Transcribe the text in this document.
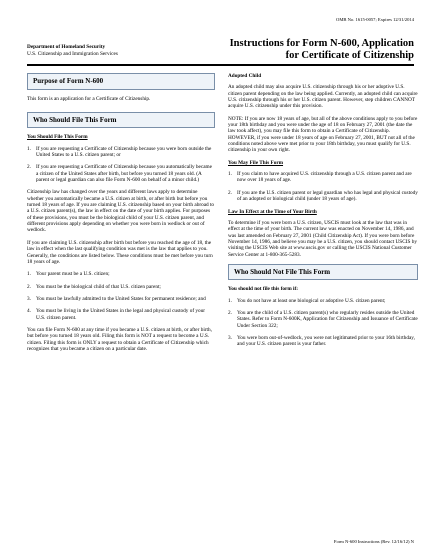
OMB No. 1615-0057; Expires 12/31/2014
Department of Homeland Security
U.S. Citizenship and Immigration Services
Instructions for Form N-600, Application
for Certificate of Citizenship
Purpose of Form N-600

This form is an application for a Certificate of Citizenship.

Who Should File This Form
You Should File This Form
1. If you are requesting a Certificate of Citizenship because you were born outside the United States to a U.S. citizen parent; or
2. If you are requesting a Certificate of Citizenship because you automatically became a citizen of the United States after birth, but before you turned 18 years old. (A parent or legal guardian can also file Form N-600 on behalf of a minor child.)

Citizenship law has changed over the years and different laws apply to determine whether you automatically became a U.S. citizen at birth, or after birth but before you turned 18 years of age. If you are claiming U.S. citizenship based on your birth abroad to a U.S. citizen parent(s), the law in effect on the date of your birth applies. For purposes of these provisions, you must be the biological child of your U.S. citizen parent, and different provisions apply depending on whether you were born in wedlock or out of wedlock.

If you are claiming U.S. citizenship after birth but before you reached the age of 18, the law in effect when the last qualifying condition was met is the law that applies to you. Generally, the conditions are listed below. These conditions must be met before you turn 18 years of age.

1. Your parent must be a U.S. citizen;
2. You must be the biological child of that U.S. citizen parent;
3. You must be lawfully admitted to the United States for permanent residence; and
4. You must be living in the United States in the legal and physical custody of your U.S. citizen parent.

You can file Form N-600 at any time if you became a U.S. citizen at birth, or after birth, but before you turned 18 years old. Filing this form is NOT a request to become a U.S. citizen. Filing this form is ONLY a request to obtain a Certificate of Citizenship which recognizes that you became a citizen on a particular date.

Adopted Child

An adopted child may also acquire U.S. citizenship through his or her adoptive U.S. citizen parent depending on the law being applied. Currently, an adopted child can acquire U.S. citizenship through his or her U.S. citizen parent. However, step children CANNOT acquire U.S. citizenship under this provision.

NOTE: If you are now 18 years of age, but all of the above conditions apply to you before your 18th birthday and you were under the age of 18 on February 27, 2001 (the date the law took affect), you may file this form to obtain a Certificate of Citizenship. HOWEVER, if you were under 18 years of age on February 27, 2001, BUT not all of the conditions noted above were met prior to your 18th birthday, you must qualify for U.S. citizenship in your own right.

You May File This Form
1. If you claim to have acquired U.S. citizenship through a U.S. citizen parent and are now over 18 years of age.
2. If you are the U.S. citizen parent or legal guardian who has legal and physical custody of an adopted or biological child (under 18 years of age).
Law In Effect at the Time of Your Birth

To determine if you were born a U.S. citizen, USCIS must look at the law that was in effect at the time of your birth. The current law was enacted on November 14, 1986, and was last amended on February 27, 2001 (Child Citizenship Act). If you were born before November 14, 1986, and believe you may be a U.S. citizen, you should contact USCIS by visiting the USCIS Web site at www.uscis.gov or calling the USCIS National Customer Service Center at 1-800-365-5283.

Who Should Not File This Form
You should not file this form if:
1. You do not have at least one biological or adoptive U.S. citizen parent;
2. You are the child of a U.S. citizen parent(s) who regularly resides outside the United States. Refer to Form N-600K, Application for Citizenship and Issuance of Certificate Under Section 322;
3. You were born out-of-wedlock, you were not legitimated prior to your 16th birthday, and your U.S. citizen parent is your father.
Form N-600 Instructions (Rev. 12/16/12) N
